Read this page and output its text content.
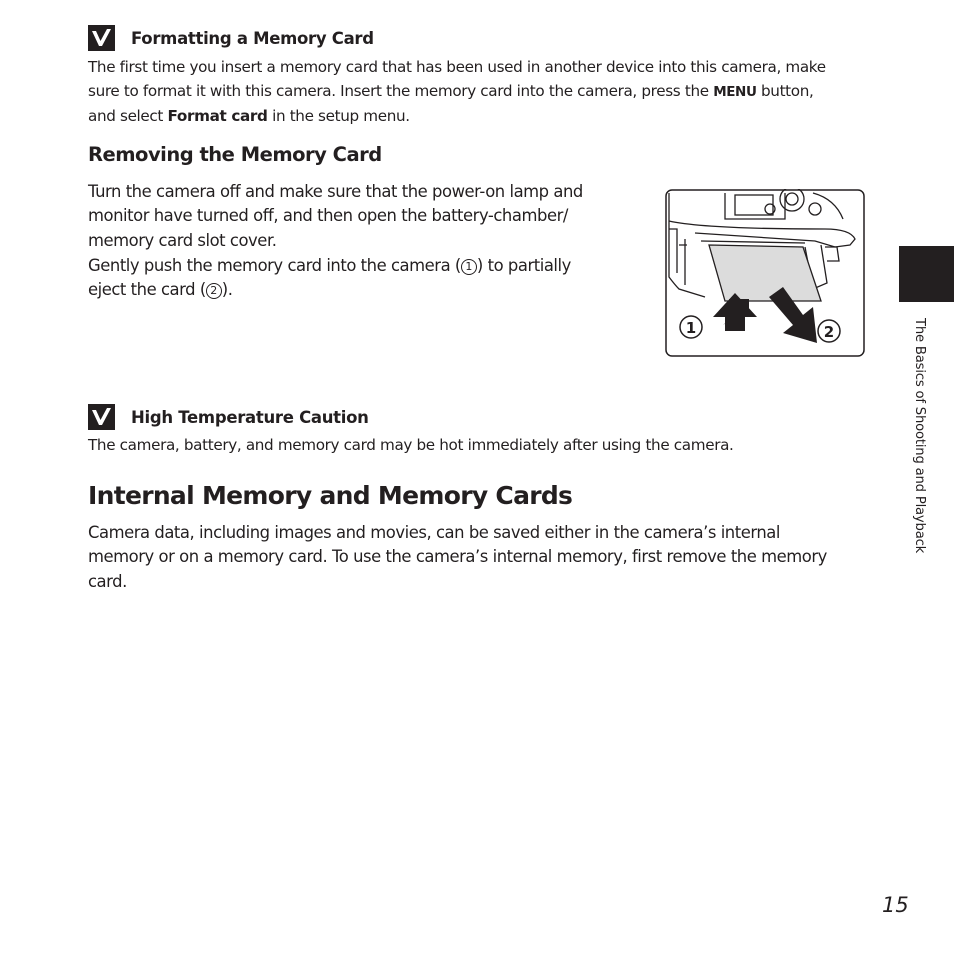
Formatting a Memory Card
The first time you insert a memory card that has been used in another device into this camera, make
sure to format it with this camera. Insert the memory card into the camera, press the MENU button,
and select Format card in the setup menu.
Removing the Memory Card
Turn the camera off and make sure that the power-on lamp and
monitor have turned off, and then open the battery-chamber/
memory card slot cover.
Gently push the memory card into the camera ( 1 ) to partially
eject the card ( 2 ).
1	2
High Temperature Caution
The camera, battery, and memory card may be hot immediately after using the camera.
Internal Memory and Memory Cards
Camera data, including images and movies, can be saved either in the camera’s internal
memory or on a memory card. To use the camera’s internal memory, first remove the memory
card.
The Basics of Shooting and Playback
15
